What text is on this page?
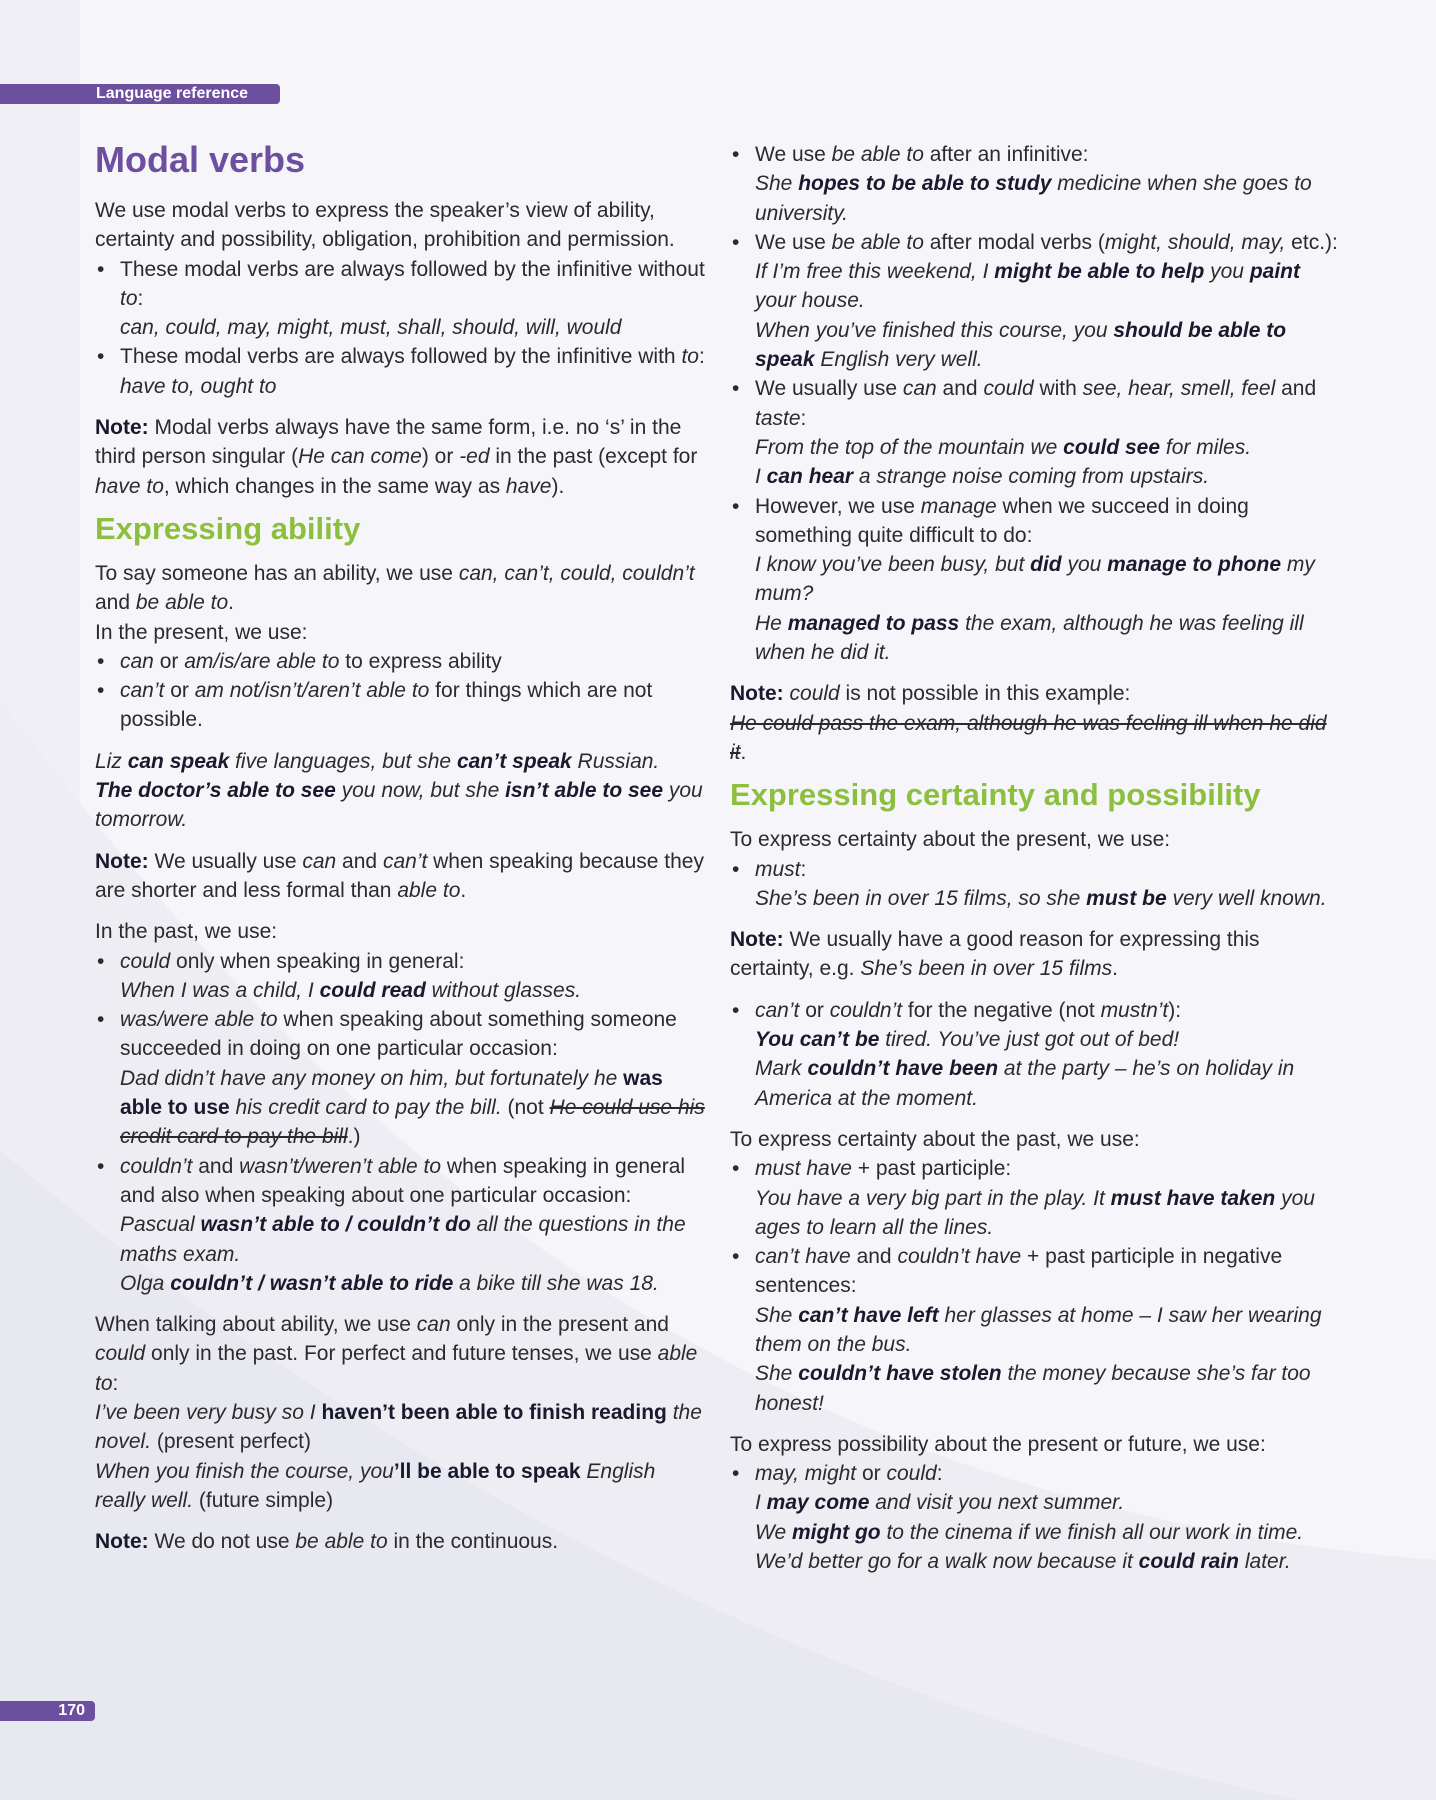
Language reference
Modal verbs

We use modal verbs to express the speaker’s view of ability, certainty and possibility, obligation, prohibition and permission.

• These modal verbs are always followed by the infinitive without to:
can, could, may, might, must, shall, should, will, would
• These modal verbs are always followed by the infinitive with to: have to, ought to

Note: Modal verbs always have the same form, i.e. no ‘s’ in the third person singular (He can come) or -ed in the past (except for have to, which changes in the same way as have).

Expressing ability

To say someone has an ability, we use can, can’t, could, couldn’t and be able to.

In the present, we use:

• can or am/is/are able to to express ability
• can’t or am not/isn’t/aren’t able to for things which are not possible.

Liz can speak five languages, but she can’t speak Russian.

The doctor’s able to see you now, but she isn’t able to see you tomorrow.

Note: We usually use can and can’t when speaking because they are shorter and less formal than able to.

In the past, we use:

• could only when speaking in general:
When I was a child, I could read without glasses.
• was/were able to when speaking about something someone succeeded in doing on one particular occasion:
Dad didn’t have any money on him, but fortunately he was able to use his credit card to pay the bill. (not He could use his credit card to pay the bill.)
• couldn’t and wasn’t/weren’t able to when speaking in general and also when speaking about one particular occasion:
Pascual wasn’t able to / couldn’t do all the questions in the maths exam.
Olga couldn’t / wasn’t able to ride a bike till she was 18.

When talking about ability, we use can only in the present and could only in the past. For perfect and future tenses, we use able to:

I’ve been very busy so I haven’t been able to finish reading the novel. (present perfect)

When you finish the course, you’ll be able to speak English really well. (future simple)

Note: We do not use be able to in the continuous.

• We use be able to after an infinitive:
She hopes to be able to study medicine when she goes to university.
• We use be able to after modal verbs (might, should, may, etc.):
If I’m free this weekend, I might be able to help you paint your house.
When you’ve finished this course, you should be able to speak English very well.
• We usually use can and could with see, hear, smell, feel and taste:
From the top of the mountain we could see for miles.
I can hear a strange noise coming from upstairs.
• However, we use manage when we succeed in doing something quite difficult to do:
I know you’ve been busy, but did you manage to phone my mum?
He managed to pass the exam, although he was feeling ill when he did it.

Note: could is not possible in this example:
He could pass the exam, although he was feeling ill when he did it.

Expressing certainty and possibility

To express certainty about the present, we use:

• must:
She’s been in over 15 films, so she must be very well known.

Note: We usually have a good reason for expressing this certainty, e.g. She’s been in over 15 films.

• can’t or couldn’t for the negative (not mustn’t):
You can’t be tired. You’ve just got out of bed!
Mark couldn’t have been at the party – he’s on holiday in America at the moment.

To express certainty about the past, we use:

• must have + past participle:
You have a very big part in the play. It must have taken you ages to learn all the lines.
• can’t have and couldn’t have + past participle in negative sentences:
She can’t have left her glasses at home – I saw her wearing them on the bus.
She couldn’t have stolen the money because she’s far too honest!

To express possibility about the present or future, we use:

• may, might or could:
I may come and visit you next summer.
We might go to the cinema if we finish all our work in time.
We’d better go for a walk now because it could rain later.
170
